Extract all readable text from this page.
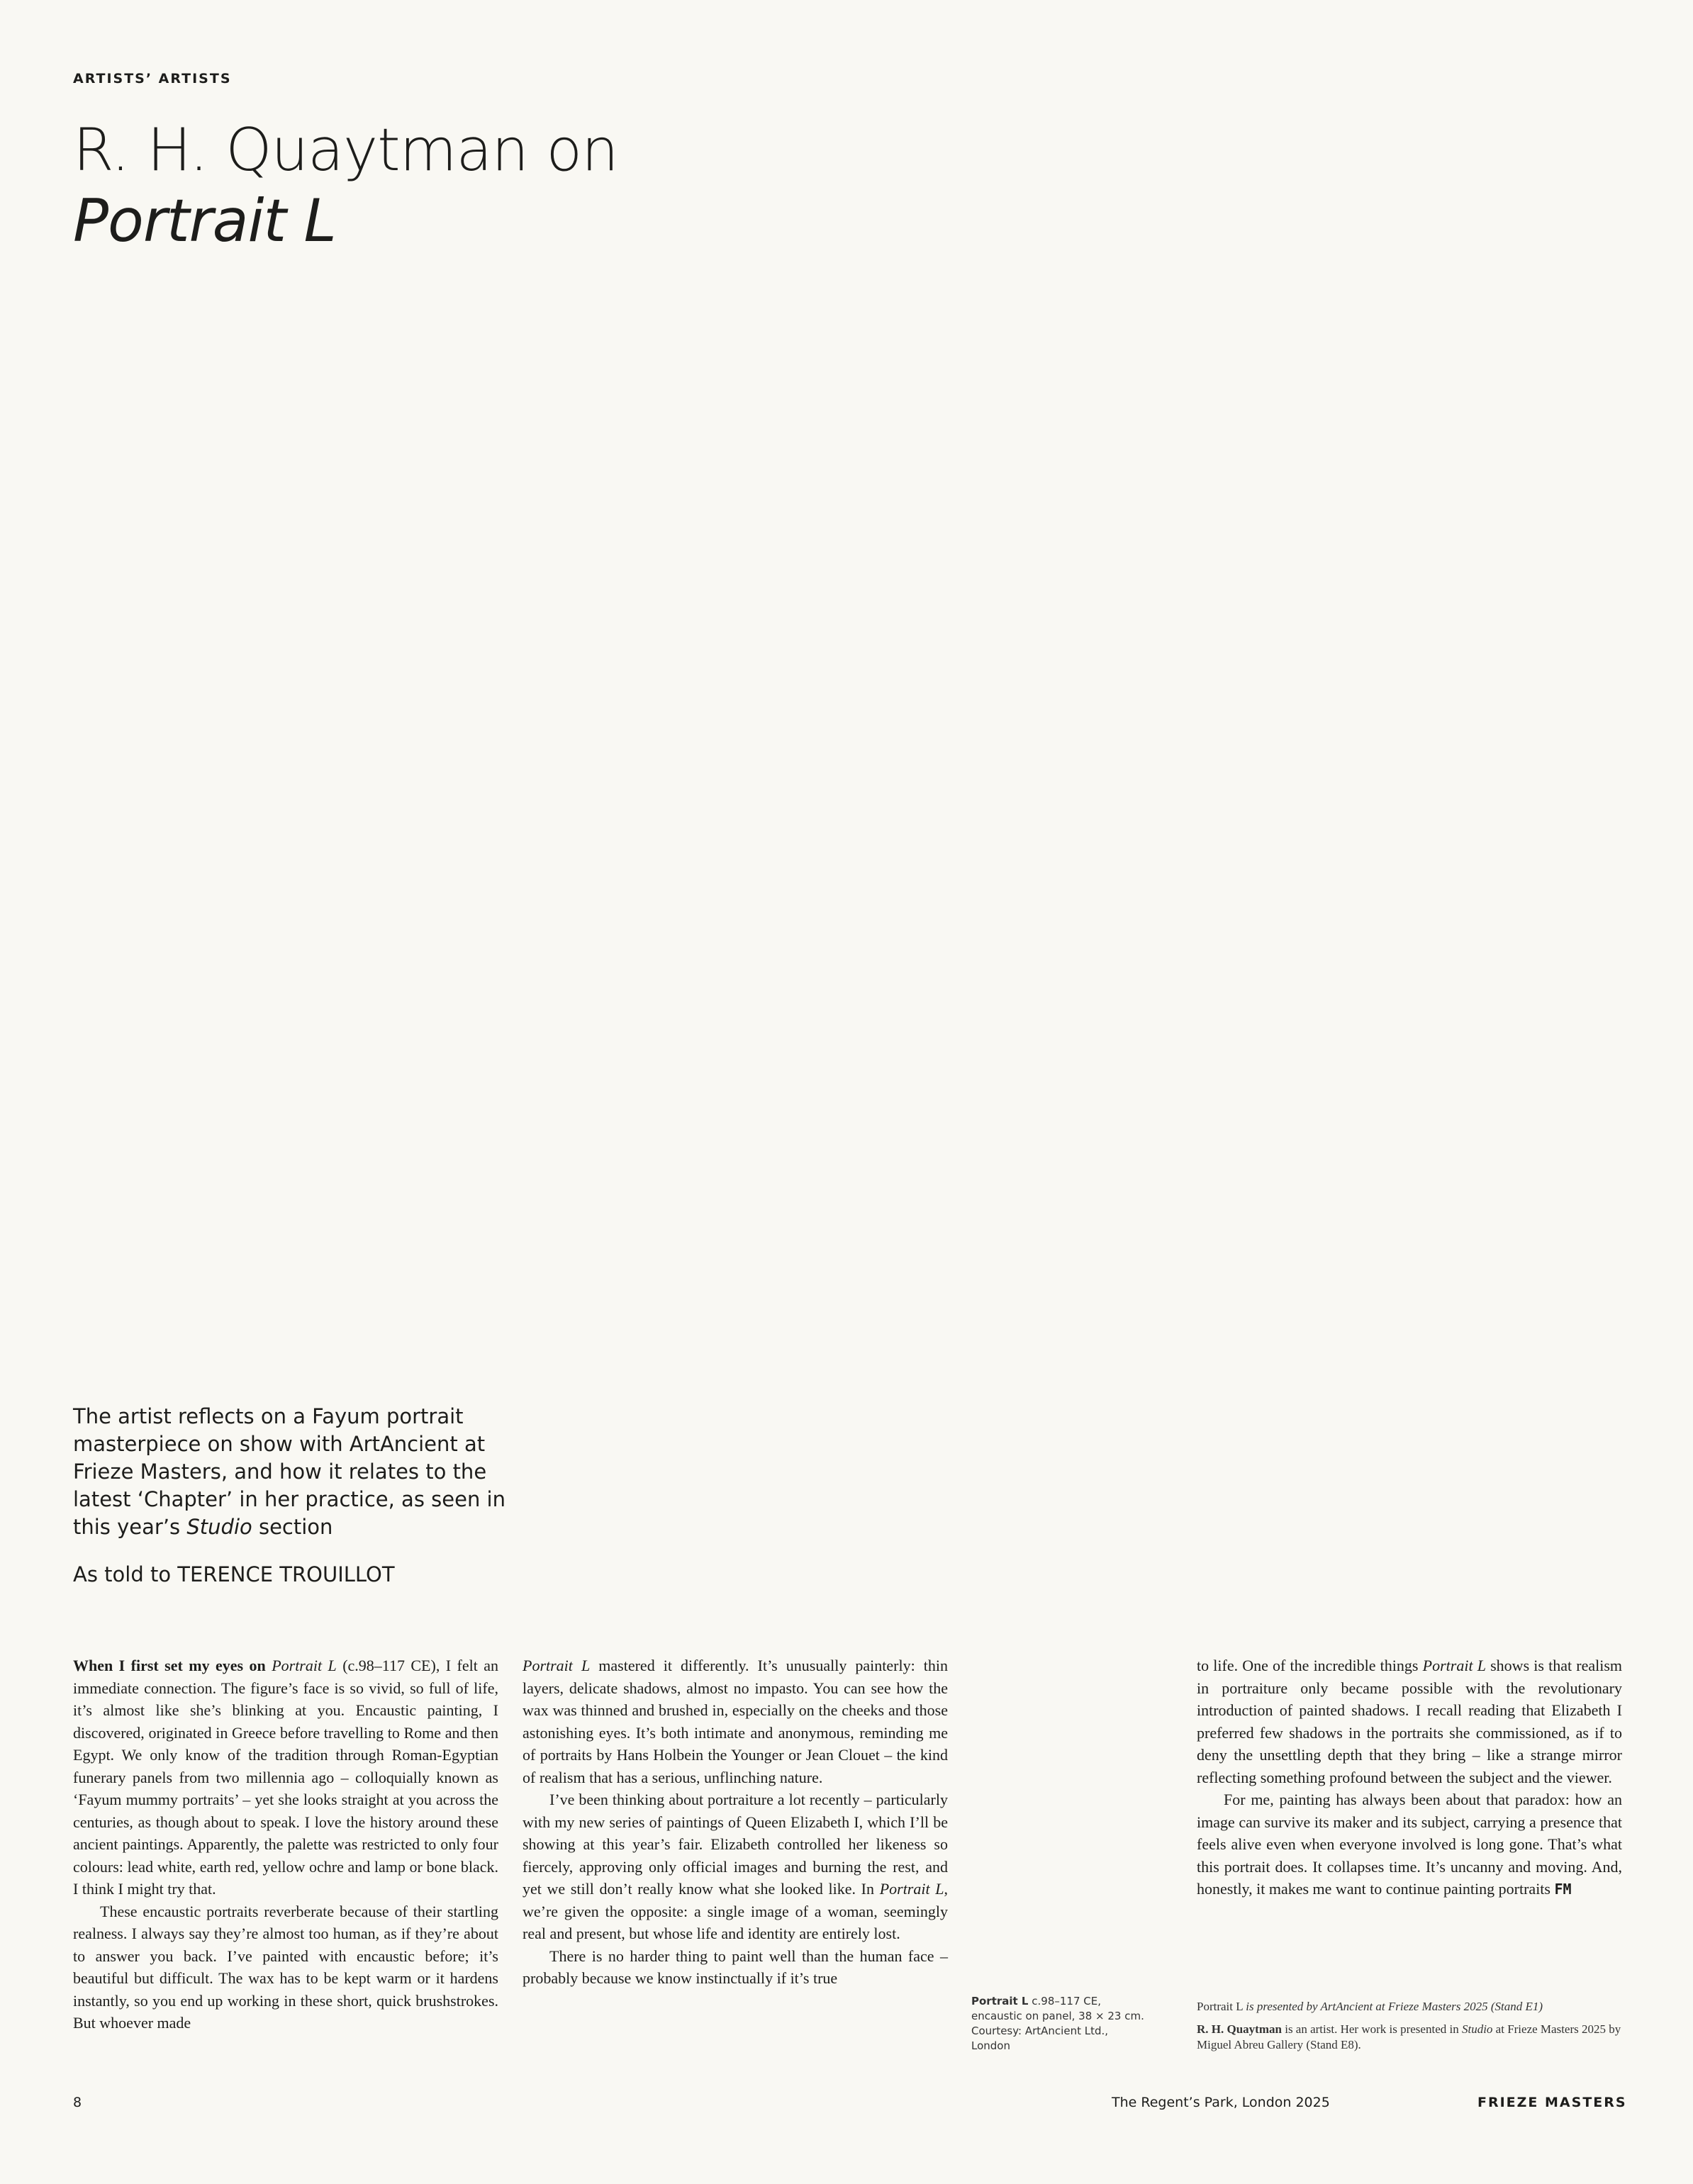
ARTISTS’ ARTISTS
R. H. Quaytman on
Portrait L
The artist reflects on a Fayum portrait masterpiece on show with ArtAncient at Frieze Masters, and how it relates to the latest ‘Chapter’ in her practice, as seen in this year’s Studio section
As told to TERENCE TROUILLOT

When I first set my eyes on Portrait L (c.98–117 CE), I felt an immediate connection. The figure’s face is so vivid, so full of life, it’s almost like she’s blinking at you. Encaustic painting, I discovered, originated in Greece before travelling to Rome and then Egypt. We only know of the tradition through Roman-Egyptian funerary panels from two millennia ago – colloquially known as ‘Fayum mummy portraits’ – yet she looks straight at you across the centuries, as though about to speak. I love the history around these ancient paintings. Apparently, the palette was restricted to only four colours: lead white, earth red, yellow ochre and lamp or bone black. I think I might try that.

These encaustic portraits reverberate because of their startling realness. I always say they’re almost too human, as if they’re about to answer you back. I’ve painted with encaustic before; it’s beautiful but difficult. The wax has to be kept warm or it hardens instantly, so you end up working in these short, quick brushstrokes. But whoever made

Portrait L mastered it differently. It’s unusually painterly: thin layers, delicate shadows, almost no impasto. You can see how the wax was thinned and brushed in, especially on the cheeks and those astonishing eyes. It’s both intimate and anonymous, reminding me of portraits by Hans Holbein the Younger or Jean Clouet – the kind of realism that has a serious, unflinching nature.

I’ve been thinking about portraiture a lot recently – particularly with my new series of paintings of Queen Elizabeth I, which I’ll be showing at this year’s fair. Elizabeth controlled her likeness so fiercely, approving only official images and burning the rest, and yet we still don’t really know what she looked like. In Portrait L, we’re given the opposite: a single image of a woman, seemingly real and present, but whose life and identity are entirely lost.

There is no harder thing to paint well than the human face – probably because we know instinctually if it’s true

Portrait L c.98–117 CE, encaustic on panel, 38 × 23 cm. Courtesy: ArtAncient Ltd., London

to life. One of the incredible things Portrait L shows is that realism in portraiture only became possible with the revolutionary introduction of painted shadows. I recall reading that Elizabeth I preferred few shadows in the portraits she commissioned, as if to deny the unsettling depth that they bring – like a strange mirror reflecting something profound between the subject and the viewer.

For me, painting has always been about that paradox: how an image can survive its maker and its subject, carrying a presence that feels alive even when everyone involved is long gone. That’s what this portrait does. It collapses time. It’s uncanny and moving. And, honestly, it makes me want to continue painting portraits FM

Portrait L is presented by ArtAncient at Frieze Masters 2025 (Stand E1)

R. H. Quaytman is an artist. Her work is presented in Studio at Frieze Masters 2025 by Miguel Abreu Gallery (Stand E8).

8	The Regent’s Park, London 2025	FRIEZE MASTERS
